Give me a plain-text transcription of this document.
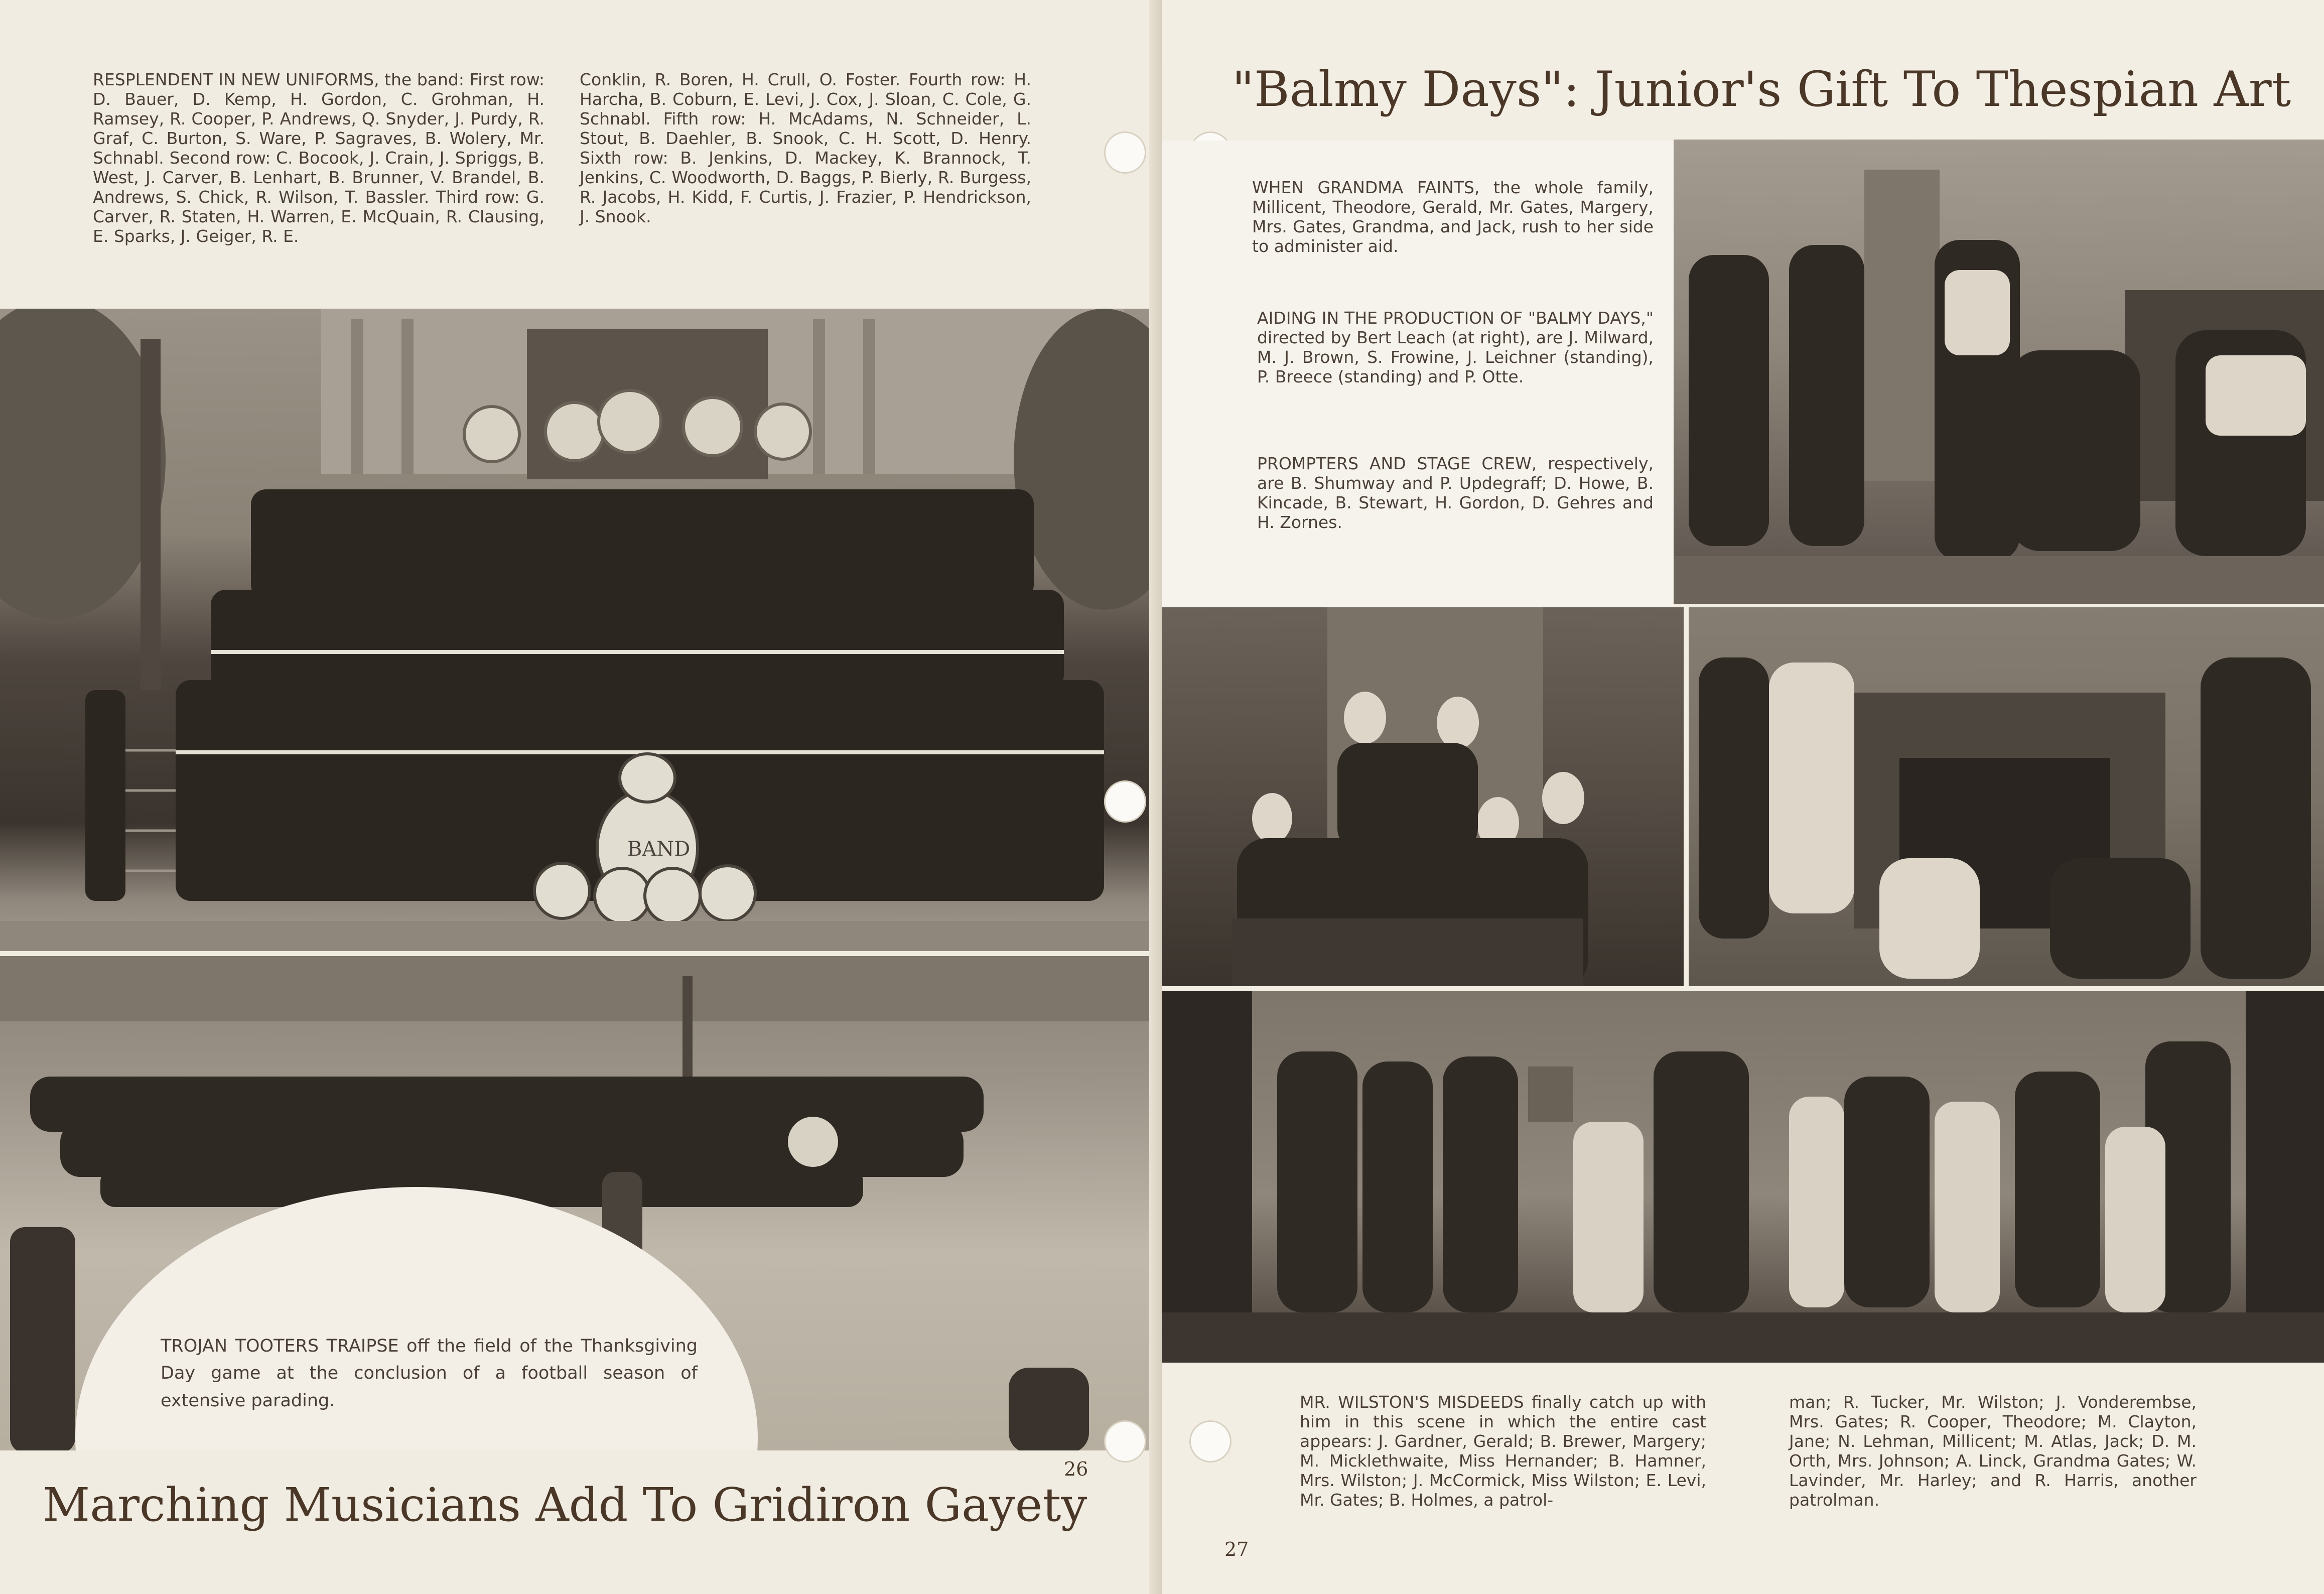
RESPLENDENT IN NEW UNIFORMS, the band: First row: D. Bauer, D. Kemp, H. Gordon, C. Grohman, H. Ramsey, R. Cooper, P. Andrews, Q. Snyder, J. Purdy, R. Graf, C. Burton, S. Ware, P. Sagraves, B. Wolery, Mr. Schnabl. Second row: C. Bocook, J. Crain, J. Spriggs, B. West, J. Carver, B. Lenhart, B. Brunner, V. Brandel, B. Andrews, S. Chick, R. Wilson, T. Bassler. Third row: G. Carver, R. Staten, H. Warren, E. McQuain, R. Clausing, E. Sparks, J. Geiger, R. E.

Conklin, R. Boren, H. Crull, O. Foster. Fourth row: H. Harcha, B. Coburn, E. Levi, J. Cox, J. Sloan, C. Cole, G. Schnabl. Fifth row: H. McAdams, N. Schneider, L. Stout, B. Daehler, B. Snook, C. H. Scott, D. Henry. Sixth row: B. Jenkins, D. Mackey, K. Brannock, T. Jenkins, C. Woodworth, D. Baggs, P. Bierly, R. Burgess, R. Jacobs, H. Kidd, F. Curtis, J. Frazier, P. Hendrickson, J. Snook.

BAND

TROJAN TOOTERS TRAIPSE off the field of the Thanksgiving Day game at the conclusion of a football season of extensive parading.

26

Marching Musicians Add To Gridiron Gayety
"Balmy Days": Junior's Gift To Thespian Art

WHEN GRANDMA FAINTS, the whole family, Millicent, Theodore, Gerald, Mr. Gates, Margery, Mrs. Gates, Grandma, and Jack, rush to her side to administer aid.

AIDING IN THE PRODUCTION OF "BALMY DAYS," directed by Bert Leach (at right), are J. Milward, M. J. Brown, S. Frowine, J. Leichner (standing), P. Breece (standing) and P. Otte.

PROMPTERS AND STAGE CREW, respectively, are B. Shumway and P. Updegraff; D. Howe, B. Kincade, B. Stewart, H. Gordon, D. Gehres and H. Zornes.

MR. WILSTON'S MISDEEDS finally catch up with him in this scene in which the entire cast appears: J. Gardner, Gerald; B. Brewer, Margery; M. Micklethwaite, Miss Hernander; B. Hamner, Mrs. Wilston; J. McCormick, Miss Wilston; E. Levi, Mr. Gates; B. Holmes, a patrol-

man; R. Tucker, Mr. Wilston; J. Vonderembse, Mrs. Gates; R. Cooper, Theodore; M. Clayton, Jane; N. Lehman, Millicent; M. Atlas, Jack; D. M. Orth, Mrs. Johnson; A. Linck, Grandma Gates; W. Lavinder, Mr. Harley; and R. Harris, another patrolman.

27
